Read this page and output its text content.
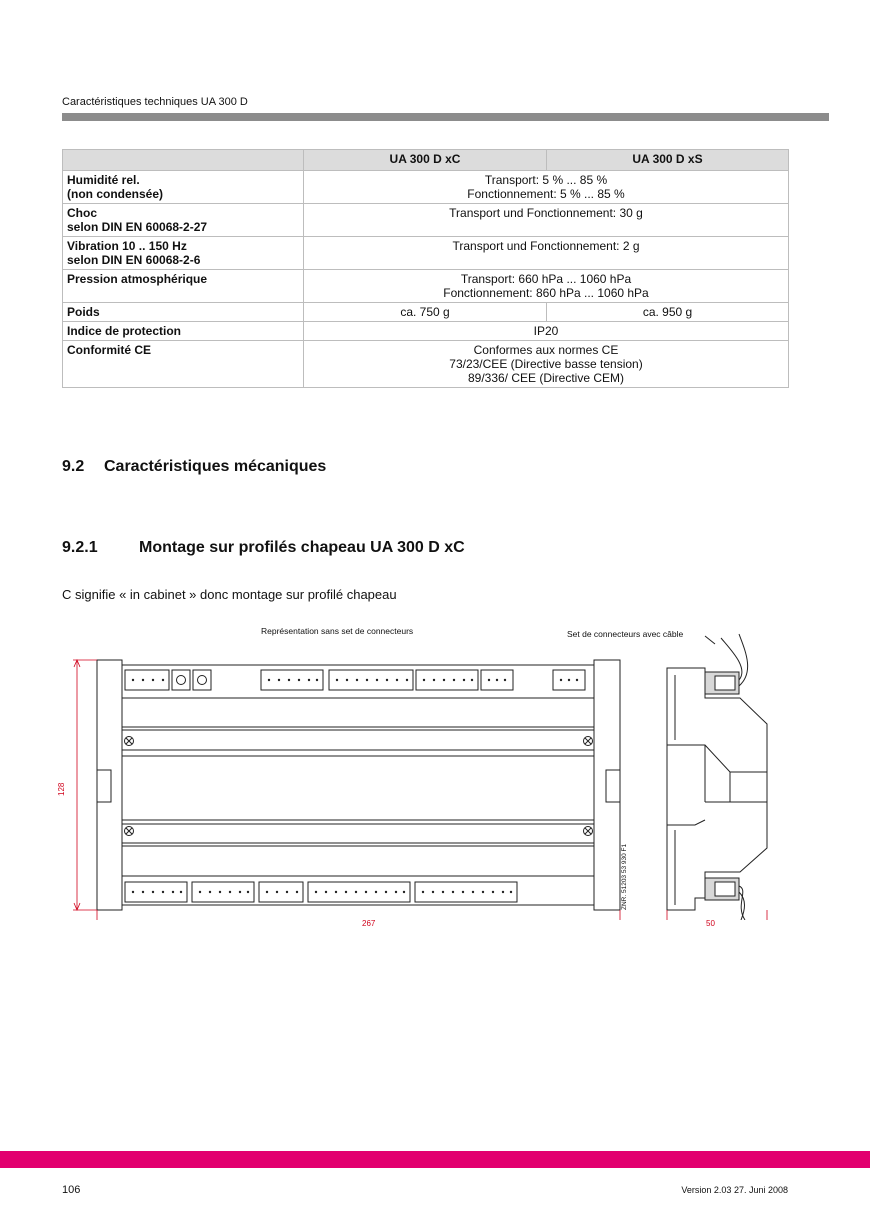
Caractéristiques techniques UA 300 D
	UA 300 D xC	UA 300 D xS
Humidité rel.
(non condensée)	Transport: 5 % ... 85 %
Fonctionnement: 5 % ... 85 %	
Choc
selon DIN EN 60068-2-27	Transport und Fonctionnement: 30 g	
Vibration 10 .. 150 Hz
selon DIN EN 60068-2-6	Transport und Fonctionnement: 2 g	
Pression atmosphérique	Transport: 660 hPa ... 1060 hPa
Fonctionnement: 860 hPa ... 1060 hPa	
Poids	ca. 750 g	ca. 950 g
Indice de protection	IP20	
Conformité CE	Conformes aux normes CE
73/23/CEE (Directive basse tension)
89/336/ CEE (Directive CEM)	
9.2 Caractéristiques mécaniques
9.2.1	Montage sur profilés chapeau UA 300 D xC
C signifie « in cabinet » donc montage sur profilé chapeau
Représentation sans set de connecteurs	Set de connecteurs avec câble
128
267	50
ZNR. 51203 53 930 F1
106	Version 2.03 27. Juni 2008
